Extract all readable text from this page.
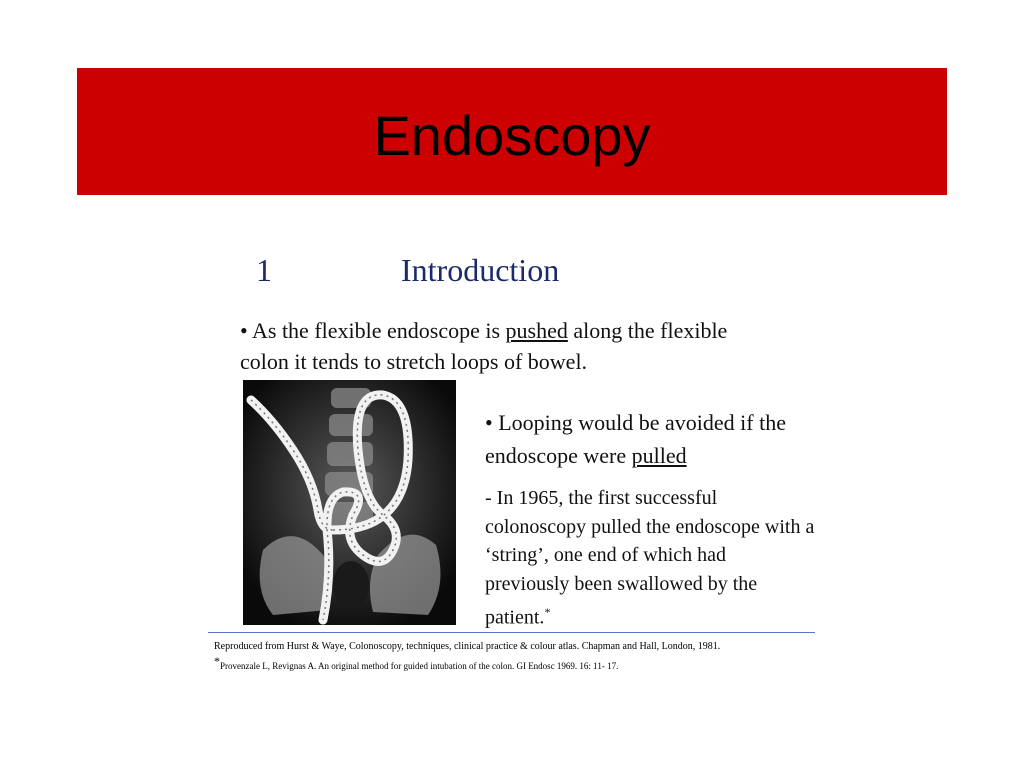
Endoscopy
1	Introduction
• As the flexible endoscope is pushed along the flexible colon it tends to stretch loops of bowel.
• Looping would be avoided if the endoscope were pulled
- In 1965, the first successful colonoscopy pulled the endoscope with a ‘string’, one end of which had previously been swallowed by the patient.*
Reproduced from Hurst & Waye, Colonoscopy, techniques, clinical practice & colour atlas. Chapman and Hall, London, 1981.
*Provenzale L, Revignas A. An original method for guided intubation of the colon. GI Endosc 1969. 16: 11- 17.
